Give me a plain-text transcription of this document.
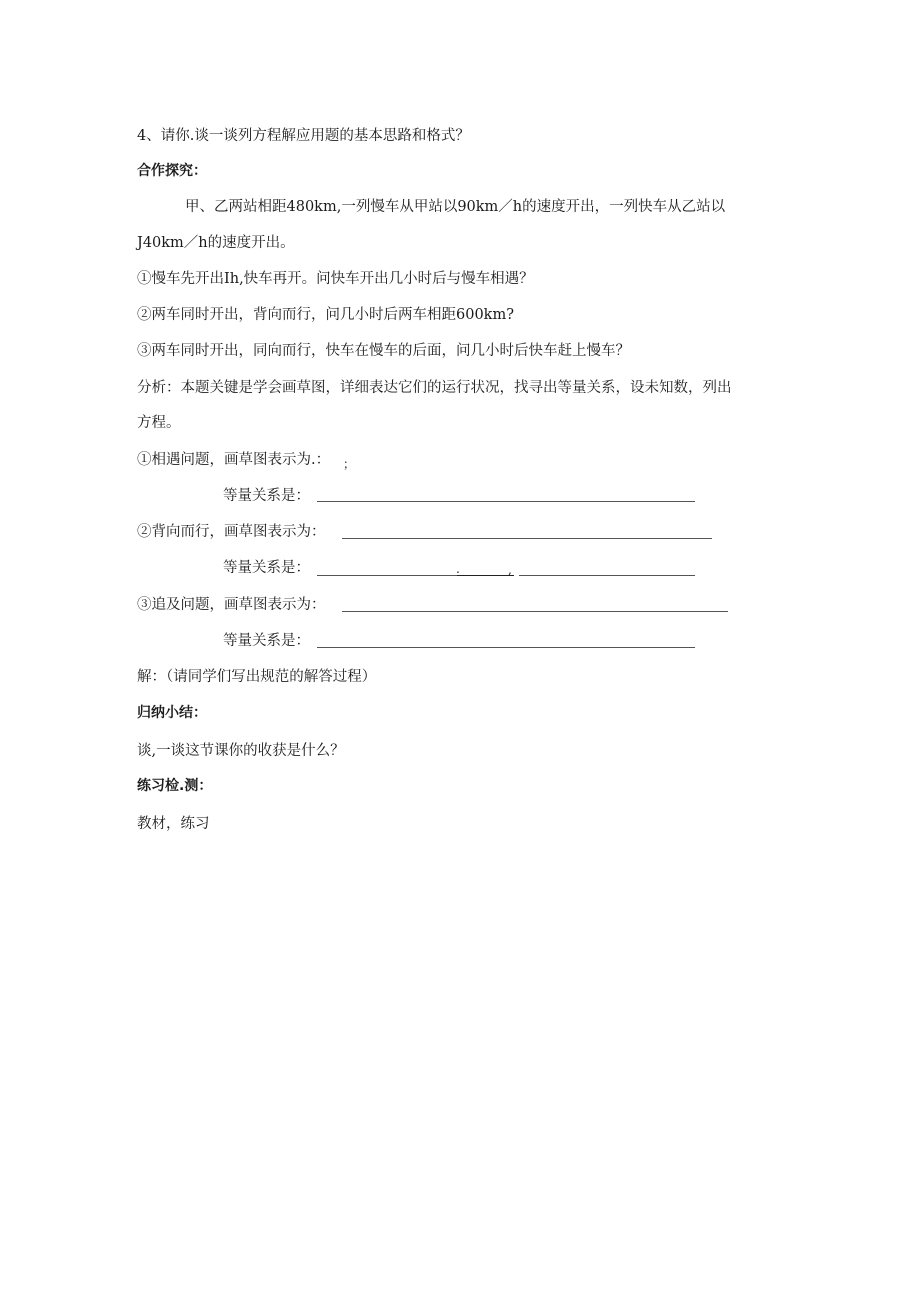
4、请你.谈一谈列方程解应用题的基本思路和格式？
合作探究：
甲、乙两站相距480km,一列慢车从甲站以90km／h的速度开出，一列快车从乙站以
J40km／h的速度开出。
①慢车先开出Ih,快车再开。问快车开出几小时后与慢车相遇？
②两车同时开出，背向而行，问几小时后两车相距600km?
③两车同时开出，同向而行，快车在慢车的后面，问几小时后快车赶上慢车？
分析：本题关键是学会画草图，详细表达它们的运行状况，找寻出等量关系，设未知数，列出
方程。
①相遇问题，画草图表示为.： ；
等量关系是：
②背向而行，画草图表示为：
等量关系是：	.	,
③追及问题，画草图表示为：
等量关系是：
解：（请同学们写出规范的解答过程）
归纳小结：
谈,一谈这节课你的收获是什么？
练习检.测：
教材，练习
